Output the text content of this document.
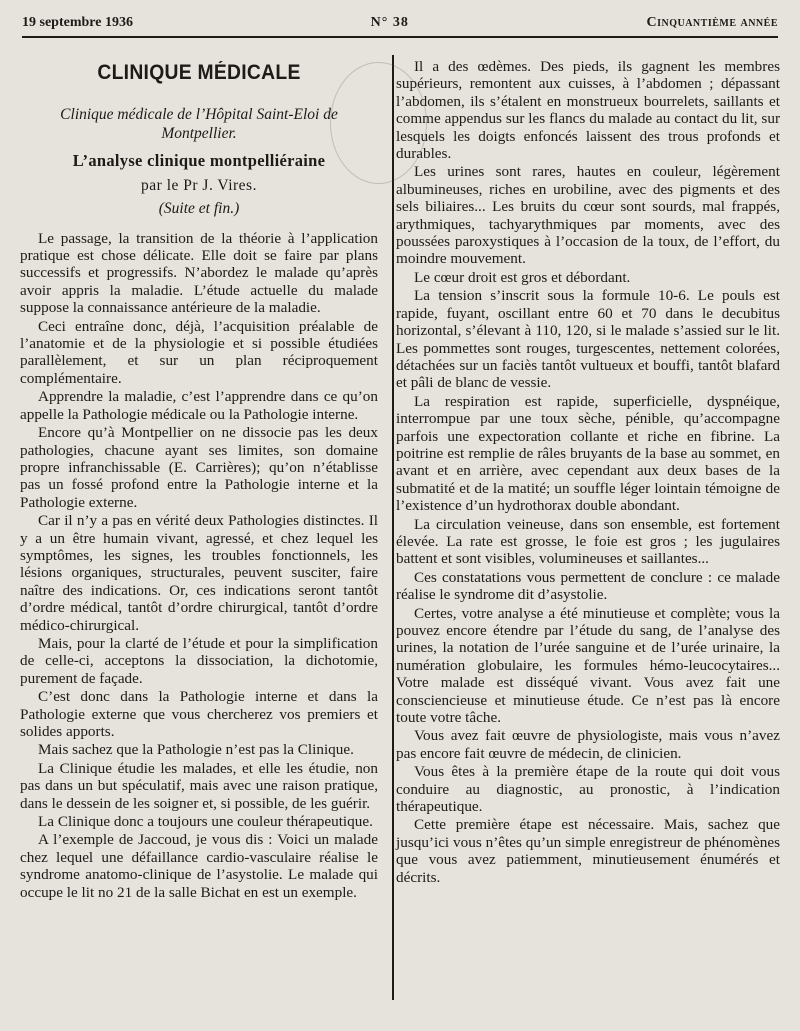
19 septembre 1936	N° 38	Cinquantième année
CLINIQUE MÉDICALE
Clinique médicale de l’Hôpital Saint-Eloi de Montpellier.
L’analyse clinique montpelliéraine
par le Pr J. Vires.
(Suite et fin.)

Le passage, la transition de la théorie à l’application pratique est chose délicate. Elle doit se faire par plans successifs et progressifs. N’abordez le malade qu’après avoir appris la maladie. L’étude actuelle du malade suppose la connaissance antérieure de la maladie.

Ceci entraîne donc, déjà, l’acquisition préalable de l’anatomie et de la physiologie et si possible étudiées parallèlement, et sur un plan réciproquement complémentaire.

Apprendre la maladie, c’est l’apprendre dans ce qu’on appelle la Pathologie médicale ou la Pathologie interne.

Encore qu’à Montpellier on ne dissocie pas les deux pathologies, chacune ayant ses limites, son domaine propre infranchissable (E. Carrières); qu’on n’établisse pas un fossé profond entre la Pathologie interne et la Pathologie externe.

Car il n’y a pas en vérité deux Pathologies distinctes. Il y a un être humain vivant, agressé, et chez lequel les symptômes, les signes, les troubles fonctionnels, les lésions organiques, structurales, peuvent susciter, faire naître des indications. Or, ces indications seront tantôt d’ordre médical, tantôt d’ordre chirurgical, tantôt d’ordre médico-chirurgical.

Mais, pour la clarté de l’étude et pour la simplification de celle-ci, acceptons la dissociation, la dichotomie, purement de façade.

C’est donc dans la Pathologie interne et dans la Pathologie externe que vous chercherez vos premiers et solides apports.

Mais sachez que la Pathologie n’est pas la Clinique.

La Clinique étudie les malades, et elle les étudie, non pas dans un but spéculatif, mais avec une raison pratique, dans le dessein de les soigner et, si possible, de les guérir.

La Clinique donc a toujours une couleur thérapeutique.

A l’exemple de Jaccoud, je vous dis : Voici un malade chez lequel une défaillance cardio-vasculaire réalise le syndrome anatomo-clinique de l’asystolie. Le malade qui occupe le lit no 21 de la salle Bichat en est un exemple.

Il a des œdèmes. Des pieds, ils gagnent les membres supérieurs, remontent aux cuisses, à l’abdomen ; dépassant l’abdomen, ils s’étalent en monstrueux bourrelets, saillants et comme appendus sur les flancs du malade au contact du lit, sur lesquels les doigts enfoncés laissent des trous profonds et durables.

Les urines sont rares, hautes en couleur, légèrement albumineuses, riches en urobiline, avec des pigments et des sels biliaires... Les bruits du cœur sont sourds, mal frappés, arythmiques, tachyarythmiques par moments, avec des poussées paroxystiques à l’occasion de la toux, de l’effort, du moindre mouvement.

Le cœur droit est gros et débordant.

La tension s’inscrit sous la formule 10-6. Le pouls est rapide, fuyant, oscillant entre 60 et 70 dans le decubitus horizontal, s’élevant à 110, 120, si le malade s’assied sur le lit. Les pommettes sont rouges, turgescentes, nettement colorées, détachées sur un faciès tantôt vultueux et bouffi, tantôt blafard et pâli de blanc de vessie.

La respiration est rapide, superficielle, dyspnéique, interrompue par une toux sèche, pénible, qu’accompagne parfois une expectoration collante et riche en fibrine. La poitrine est remplie de râles bruyants de la base au sommet, en avant et en arrière, avec cependant aux deux bases de la submatité et de la matité; un souffle léger lointain témoigne de l’existence d’un hydrothorax double abondant.

La circulation veineuse, dans son ensemble, est fortement élevée. La rate est grosse, le foie est gros ; les jugulaires battent et sont visibles, volumineuses et saillantes...

Ces constatations vous permettent de conclure : ce malade réalise le syndrome dit d’asystolie.

Certes, votre analyse a été minutieuse et complète; vous la pouvez encore étendre par l’étude du sang, de l’analyse des urines, la notation de l’urée sanguine et de l’urée urinaire, la numération globulaire, les formules hémo-leucocytaires... Votre malade est disséqué vivant. Vous avez fait une consciencieuse et minutieuse étude. Ce n’est pas là encore toute votre tâche.

Vous avez fait œuvre de physiologiste, mais vous n’avez pas encore fait œuvre de médecin, de clinicien.

Vous êtes à la première étape de la route qui doit vous conduire au diagnostic, au pronostic, à l’indication thérapeutique.

Cette première étape est nécessaire. Mais, sachez que jusqu’ici vous n’êtes qu’un simple enregistreur de phénomènes que vous avez patiemment, minutieusement énumérés et décrits.
